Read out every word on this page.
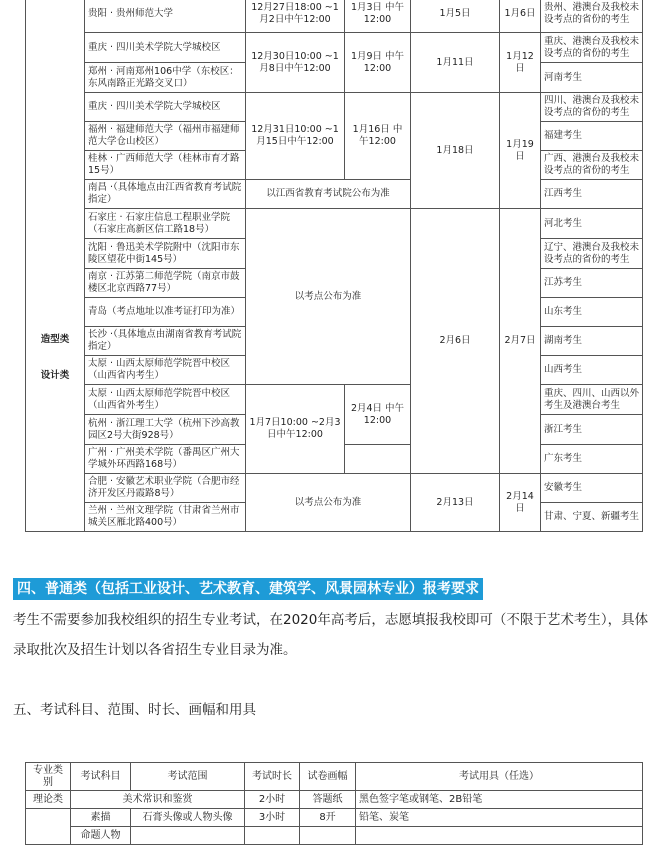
造型类
设计类	贵阳 · 贵州师范大学	12月27日18:00 ~1月2日中午12:00	1月3日 中午12:00	1月5日	1月6日	贵州、港澳台及我校未设考点的省份的考生
	重庆 · 四川美术学院大学城校区	12月30日10:00 ~1月8日中午12:00	1月9日 中午12:00	1月11日	1月12日	重庆、港澳台及我校未设考点的省份的考生
	郑州 · 河南郑州106中学（东校区：东风南路正光路交叉口）					河南考生
	重庆 · 四川美术学院大学城校区	12月31日10:00 ~1月15日中午12:00	1月16日 中午12:00	1月18日	1月19日	四川、港澳台及我校未设考点的省份的考生
	福州 · 福建师范大学（福州市福建师范大学仓山校区）					福建考生
	桂林 · 广西师范大学（桂林市育才路15号）					广西、港澳台及我校未设考点的省份的考生
	南昌 ·（具体地点由江西省教育考试院指定）	以江西省教育考试院公布为准				江西考生
	石家庄 · 石家庄信息工程职业学院（石家庄高新区信工路18号）	以考点公布为准		2月6日	2月7日	河北考生
	沈阳 · 鲁迅美术学院附中（沈阳市东陵区望花中街145号）					辽宁、港澳台及我校未设考点的省份的考生
	南京 · 江苏第二师范学院（南京市鼓楼区北京西路77号）					江苏考生
	青岛（考点地址以准考证打印为准）					山东考生
	长沙 ·（具体地点由湖南省教育考试院指定）					湖南考生
	太原 · 山西太原师范学院晋中校区（山西省内考生）					山西考生
	太原 · 山西太原师范学院晋中校区（山西省外考生）	1月7日10:00 ~2月3日中午12:00	2月4日 中午12:00			重庆、四川、山西以外考生及港澳台考生
	杭州 · 浙江理工大学（杭州下沙高教园区2号大街928号）					浙江考生
	广州 · 广州美术学院（番禺区广州大学城外环西路168号）					广东考生
	合肥 · 安徽艺术职业学院（合肥市经济开发区丹霞路8号）	以考点公布为准		2月13日	2月14日	安徽考生
	兰州 · 兰州文理学院（甘肃省兰州市城关区雁北路400号）					甘肃、宁夏、新疆考生
四、普通类（包括工业设计、艺术教育、建筑学、风景园林专业）报考要求
考生不需要参加我校组织的招生专业考试，在2020年高考后，志愿填报我校即可（不限于艺术考生），具体录取批次及招生计划以各省招生专业目录为准。
五、考试科目、范围、时长、画幅和用具
专业类别	考试科目	考试范围	考试时长	试卷画幅	考试用具（任选）
理论类	美术常识和鉴赏		2小时	答题纸	黑色签字笔或钢笔、2B铅笔
	素描	石膏头像或人物头像	3小时	8开	铅笔、炭笔
	命题人物				
